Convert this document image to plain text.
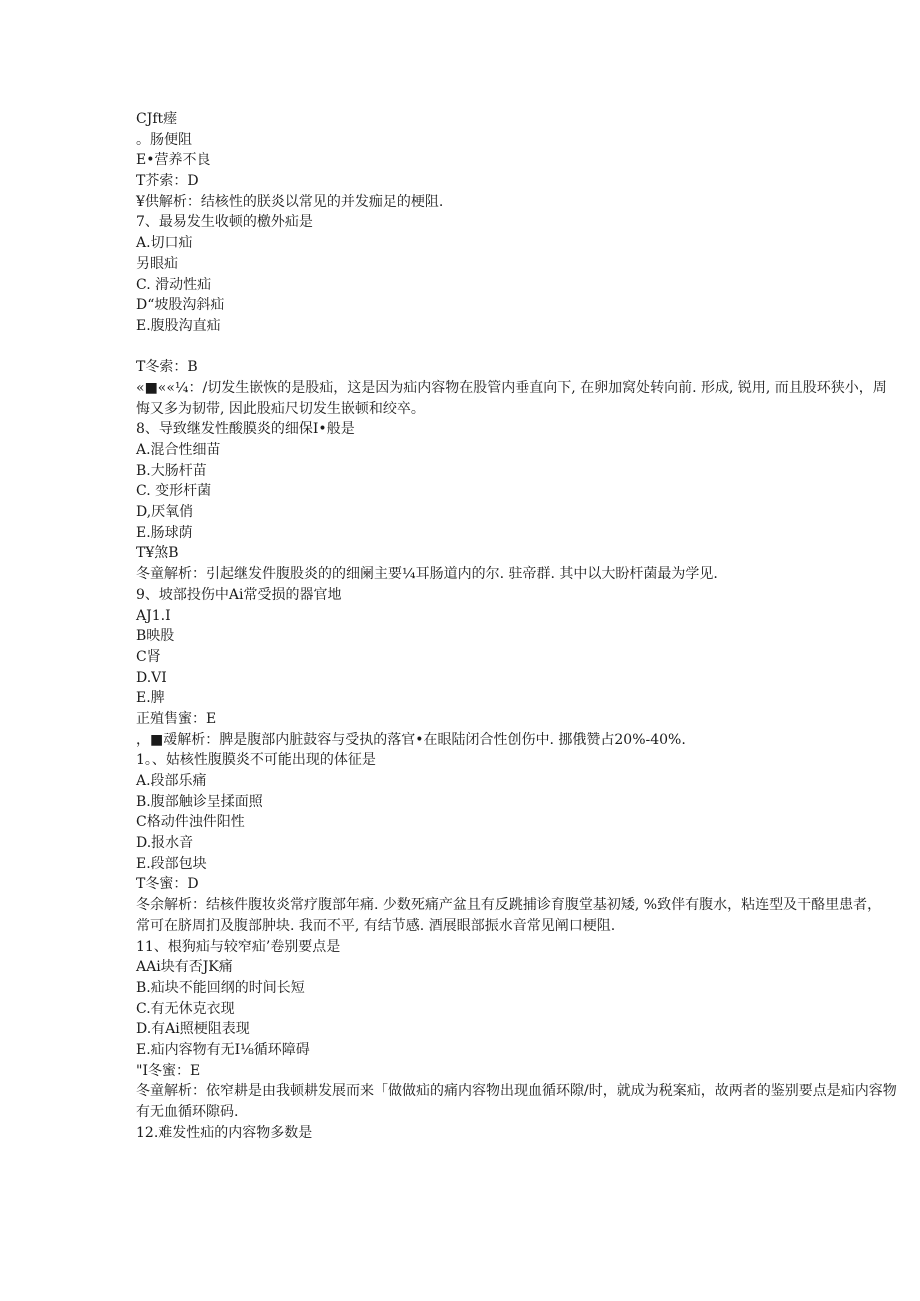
CJft瘗
。肠便阻
E•营养不良
T芥索：D
¥供解析：结核性的朕炎以常见的并发痂足的梗阻.
7、最易发生收顿的檄外疝是
A.切口疝
另眼疝
C. 滑动性疝
D“坡股沟斜疝
E.腹股沟直疝
T冬索：B
«■««¼：/切发生嵌恢的是股疝，这是因为疝内容物在股管内垂直向下, 在卵加窝处转向前. 形成, 锐用, 而且股环狭小，周
悔又多为韧带, 因此股疝尺切发生嵌顿和绞卒。
8、导致继发性酸膜炎的细保I•般是
A.混合性细苗
B.大肠杆苗
C. 变形杆菌
D,厌氧俏
E.肠球荫
T¥煞B
冬童解析：引起继发件腹股炎的的细阑主要¼耳肠道内的尔. 驻帝群. 其中以大盼杆菌最为学见.
9、坡部投伤中Ai常受损的器官地
AJ1.I
B映股
C肾
D.VI
E.脾
正殖售蜜：E
，■叆解析：脾是腹部内脏鼓容与受执的落官•在眼陆闭合性创伤中. 挪俄赞占20%-40%.
1。、姑核性腹膜炎不可能出现的体征是
A.段部乐痛
B.腹部触诊呈揉面照
C格动件浊件阳性
D.报水音
E.段部包块
T冬蜜：D
冬余解析：结核件腹妆炎常疗腹部年痛. 少数死痛产盆且有反跳捕诊育腹堂基初矮, %致伴有腹水，粘连型及干酪里患者，
常可在脐周扪及腹部肿块. 我而不平, 有结节感. 酒展眼部振水音常见阐口梗阻.
11、根狗疝与较窄疝’卷别要点是
AAi块有否JK痛
B.疝块不能回纲的时间长短
C.有无休克衣现
D.有Ai照梗阻表现
E.疝内容物有无I⅛循环障碍
"I冬蜜：E
冬童解析：依窄耕是由我顿耕发展而来「做做疝的痛内容物出现血循环隙/时，就成为税案疝，故两者的鉴别要点是疝内容物
有无血循环隙码.
12.难发性疝的内容物多数是
